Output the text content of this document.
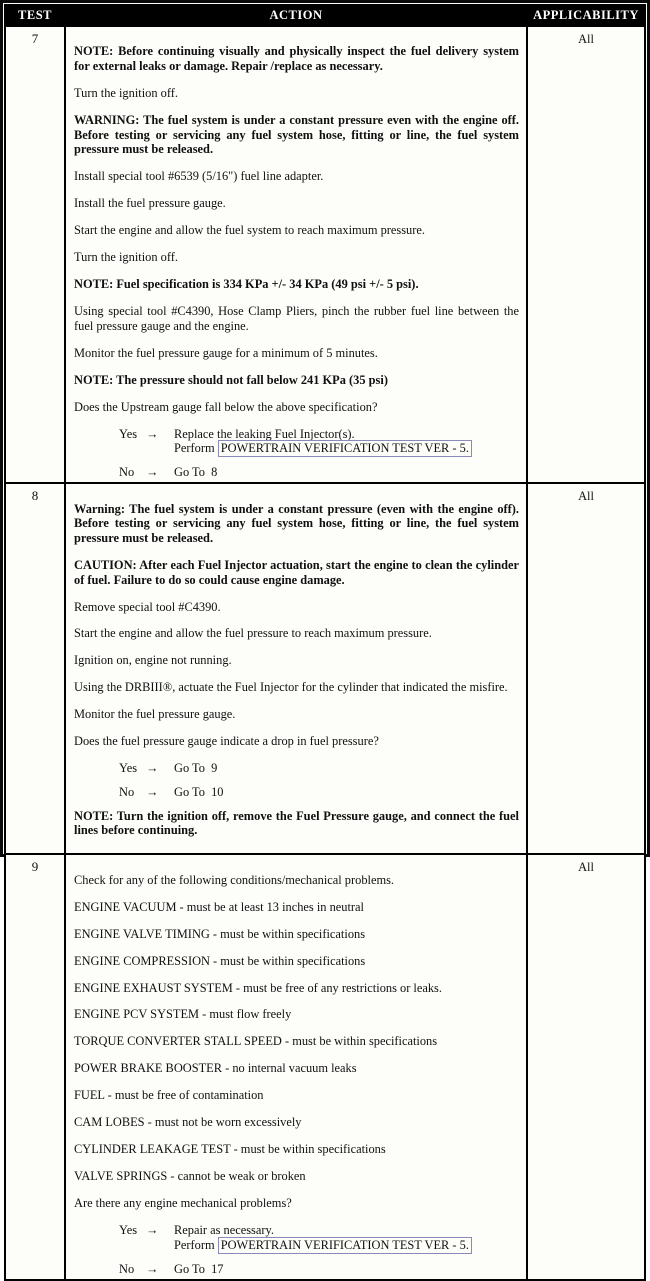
TEST	ACTION	APPLICABILITY
7	

NOTE: Before continuing visually and physically inspect the fuel delivery system for external leaks or damage. Repair /replace as necessary.

Turn the ignition off.

WARNING: The fuel system is under a constant pressure even with the engine off. Before testing or servicing any fuel system hose, fitting or line, the fuel system pressure must be released.

Install special tool #6539 (5/16") fuel line adapter.

Install the fuel pressure gauge.

Start the engine and allow the fuel system to reach maximum pressure.

Turn the ignition off.

NOTE: Fuel specification is 334 KPa +/- 34 KPa (49 psi +/- 5 psi).

Using special tool #C4390, Hose Clamp Pliers, pinch the rubber fuel line between the fuel pressure gauge and the engine.

Monitor the fuel pressure gauge for a minimum of 5 minutes.

NOTE: The pressure should not fall below 241 KPa (35 psi)

Does the Upstream gauge fall below the above specification?

Yes →	Replace the leaking Fuel Injector(s).
Perform POWERTRAIN VERIFICATION TEST VER - 5.
No →	Go To  8
	All
8	

Warning: The fuel system is under a constant pressure (even with the engine off). Before testing or servicing any fuel system hose, fitting or line, the fuel system pressure must be released.

CAUTION: After each Fuel Injector actuation, start the engine to clean the cylinder of fuel. Failure to do so could cause engine damage.

Remove special tool #C4390.

Start the engine and allow the fuel pressure to reach maximum pressure.

Ignition on, engine not running.

Using the DRBIII®, actuate the Fuel Injector for the cylinder that indicated the misfire.

Monitor the fuel pressure gauge.

Does the fuel pressure gauge indicate a drop in fuel pressure?

Yes →	Go To  9
No →	Go To  10

NOTE: Turn the ignition off, remove the Fuel Pressure gauge, and connect the fuel lines before continuing.

	All
9	

Check for any of the following conditions/mechanical problems.

ENGINE VACUUM - must be at least 13 inches in neutral

ENGINE VALVE TIMING - must be within specifications

ENGINE COMPRESSION - must be within specifications

ENGINE EXHAUST SYSTEM - must be free of any restrictions or leaks.

ENGINE PCV SYSTEM - must flow freely

TORQUE CONVERTER STALL SPEED - must be within specifications

POWER BRAKE BOOSTER - no internal vacuum leaks

FUEL - must be free of contamination

CAM LOBES - must not be worn excessively

CYLINDER LEAKAGE TEST - must be within specifications

VALVE SPRINGS - cannot be weak or broken

Are there any engine mechanical problems?

Yes →	Repair as necessary.
Perform POWERTRAIN VERIFICATION TEST VER - 5.
No →	Go To  17
	All
